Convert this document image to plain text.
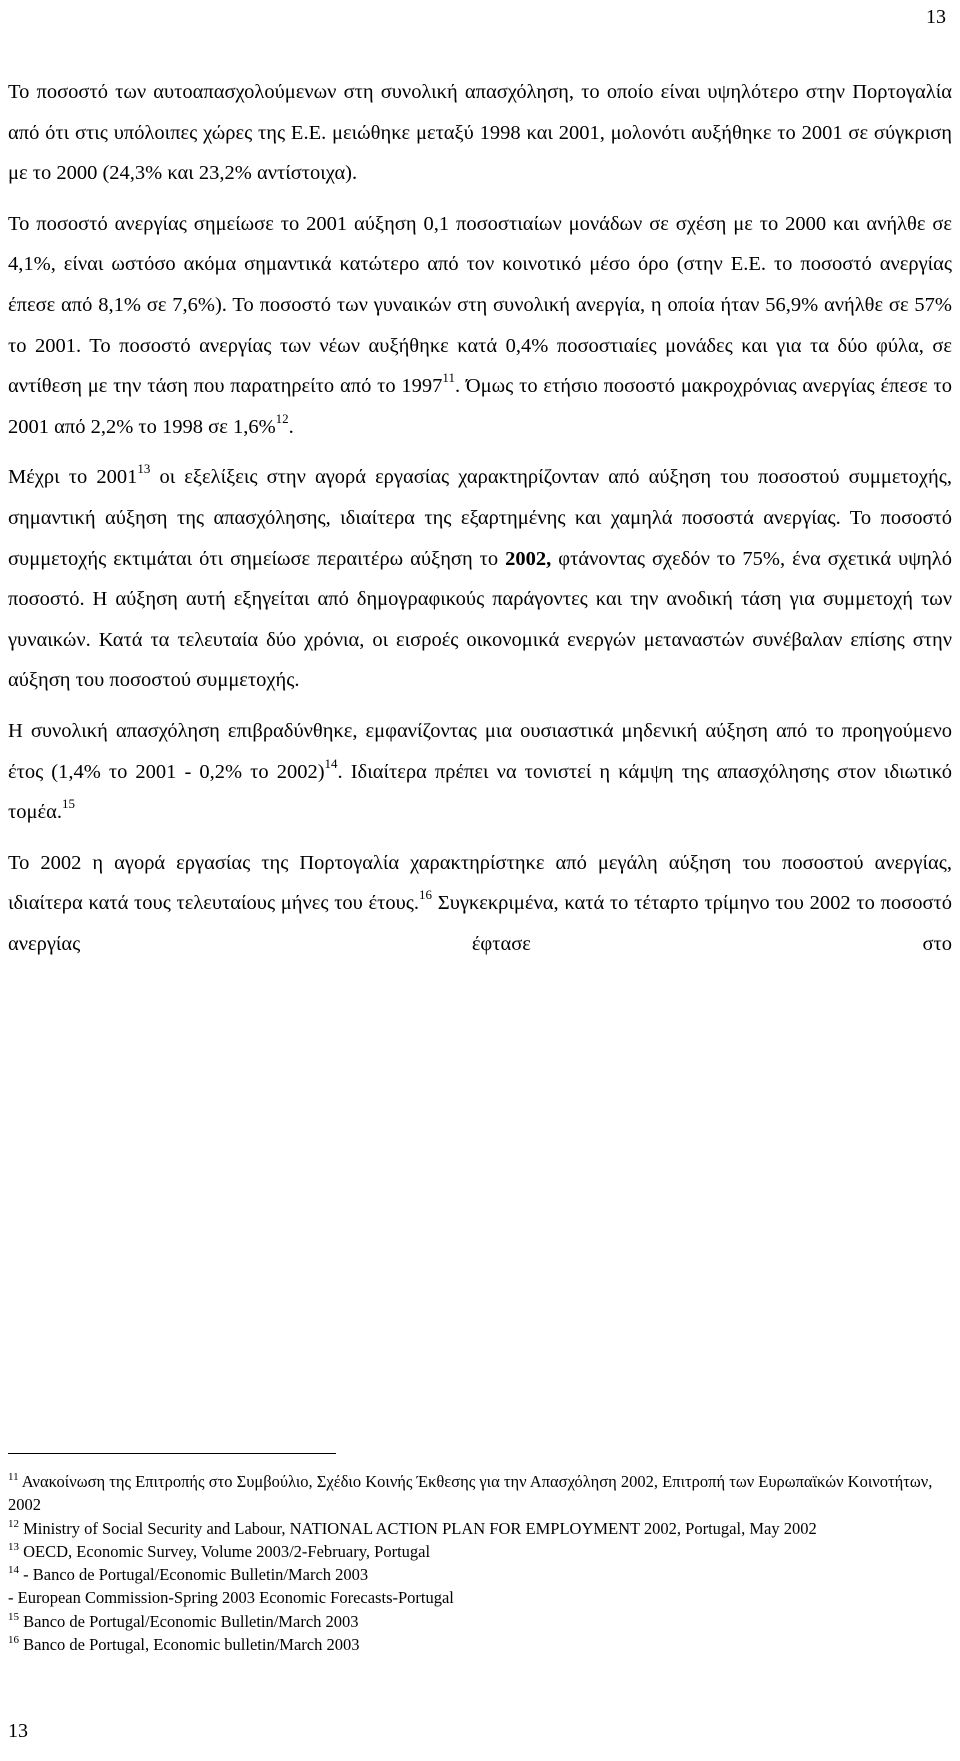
13

Το ποσοστό των αυτοαπασχολούμενων στη συνολική απασχόληση, το οποίο είναι υψηλότερο στην Πορτογαλία από ότι στις υπόλοιπες χώρες της Ε.Ε. μειώθηκε μεταξύ 1998 και 2001, μολονότι αυξήθηκε το 2001 σε σύγκριση με το 2000 (24,3% και 23,2% αντίστοιχα).

Το ποσοστό ανεργίας σημείωσε το 2001 αύξηση 0,1 ποσοστιαίων μονάδων σε σχέση με το 2000 και ανήλθε σε 4,1%, είναι ωστόσο ακόμα σημαντικά κατώτερο από τον κοινοτικό μέσο όρο (στην Ε.Ε. το ποσοστό ανεργίας έπεσε από 8,1% σε 7,6%). Το ποσοστό των γυναικών στη συνολική ανεργία, η οποία ήταν 56,9% ανήλθε σε 57% το 2001. Το ποσοστό ανεργίας των νέων αυξήθηκε κατά 0,4% ποσοστιαίες μονάδες και για τα δύο φύλα, σε αντίθεση με την τάση που παρατηρείτο από το 1997$^{11}$. Όμως το ετήσιο ποσοστό μακροχρόνιας ανεργίας έπεσε το 2001 από 2,2% το 1998 σε 1,6%$^{12}$.

Μέχρι το 2001$^{13}$ οι εξελίξεις στην αγορά εργασίας χαρακτηρίζονταν από αύξηση του ποσοστού συμμετοχής, σημαντική αύξηση της απασχόλησης, ιδιαίτερα της εξαρτημένης και χαμηλά ποσοστά ανεργίας. Το ποσοστό συμμετοχής εκτιμάται ότι σημείωσε περαιτέρω αύξηση το 2002, φτάνοντας σχεδόν το 75%, ένα σχετικά υψηλό ποσοστό. Η αύξηση αυτή εξηγείται από δημογραφικούς παράγοντες και την ανοδική τάση για συμμετοχή των γυναικών. Κατά τα τελευταία δύο χρόνια, οι εισροές οικονομικά ενεργών μεταναστών συνέβαλαν επίσης στην αύξηση του ποσοστού συμμετοχής.

Η συνολική απασχόληση επιβραδύνθηκε, εμφανίζοντας μια ουσιαστικά μηδενική αύξηση από το προηγούμενο έτος (1,4% το 2001 - 0,2% το 2002)$^{14}$. Ιδιαίτερα πρέπει να τονιστεί η κάμψη της απασχόλησης στον ιδιωτικό τομέα.$^{15}$

Το 2002 η αγορά εργασίας της Πορτογαλία χαρακτηρίστηκε από μεγάλη αύξηση του ποσοστού ανεργίας, ιδιαίτερα κατά τους τελευταίους μήνες του έτους.$^{16}$ Συγκεκριμένα, κατά το τέταρτο τρίμηνο του 2002 το ποσοστό ανεργίας έφτασε στο

$^{11}$ Ανακοίνωση της Επιτροπής στο Συμβούλιο, Σχέδιο Κοινής Έκθεσης για την Απασχόληση 2002, Επιτροπή των Ευρωπαϊκών Κοινοτήτων, 2002

$^{12}$ Ministry of Social Security and Labour, NATIONAL ACTION PLAN FOR EMPLOYMENT 2002, Portugal, May 2002

$^{13}$ OECD, Economic Survey, Volume 2003/2-February, Portugal

$^{14}$ - Banco de Portugal/Economic Bulletin/March 2003

- European Commission-Spring 2003 Economic Forecasts-Portugal

$^{15}$ Banco de Portugal/Economic Bulletin/March 2003

$^{16}$ Banco de Portugal, Economic bulletin/March 2003

13
